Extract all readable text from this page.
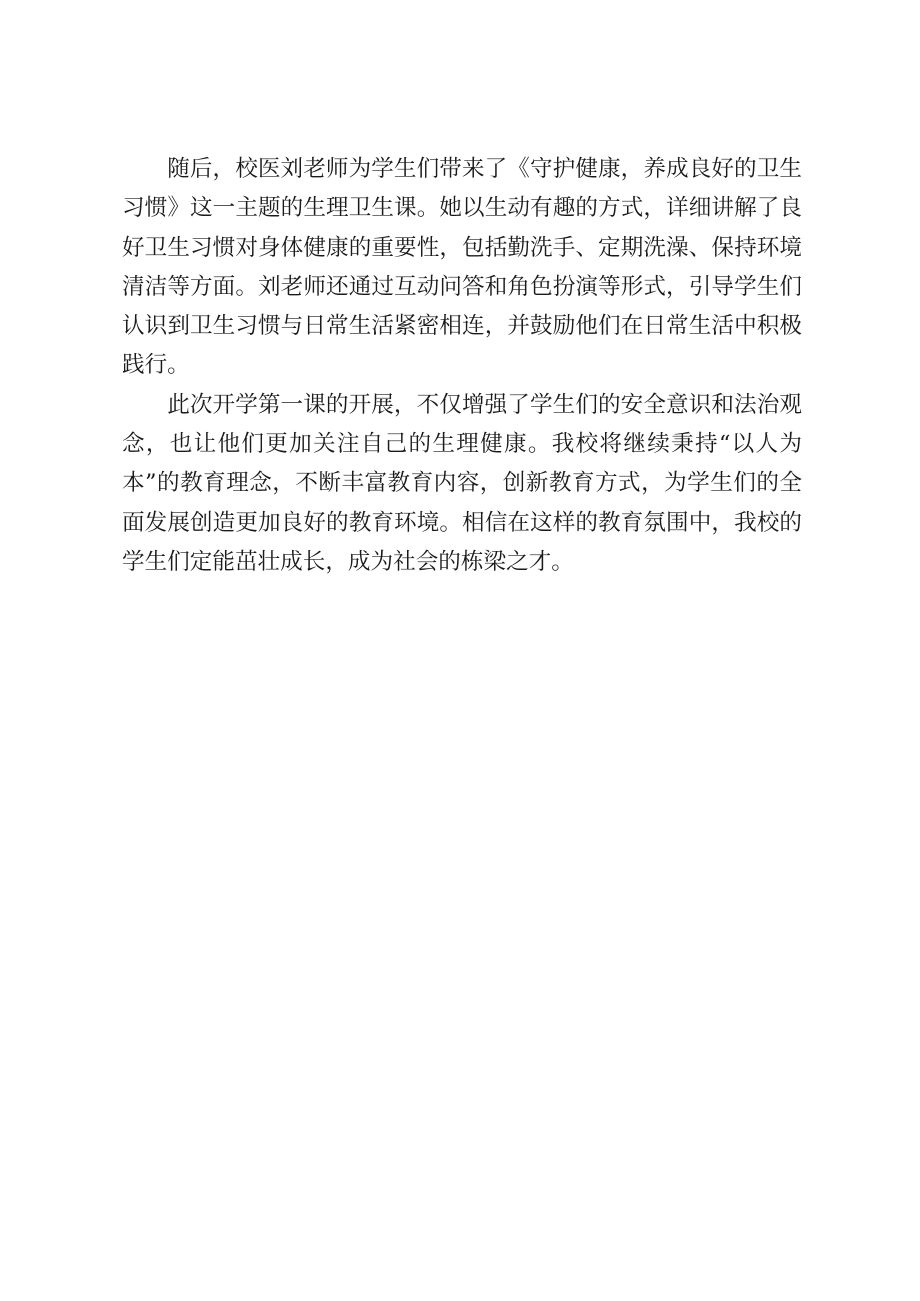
随后，校医刘老师为学生们带来了《守护健康，养成良好的卫生习惯》这一主题的生理卫生课。她以生动有趣的方式，详细讲解了良好卫生习惯对身体健康的重要性，包括勤洗手、定期洗澡、保持环境清洁等方面。刘老师还通过互动问答和角色扮演等形式，引导学生们认识到卫生习惯与日常生活紧密相连，并鼓励他们在日常生活中积极践行。

此次开学第一课的开展，不仅增强了学生们的安全意识和法治观念，也让他们更加关注自己的生理健康。我校将继续秉持“以人为本”的教育理念，不断丰富教育内容，创新教育方式，为学生们的全面发展创造更加良好的教育环境。相信在这样的教育氛围中，我校的学生们定能茁壮成长，成为社会的栋梁之才。
